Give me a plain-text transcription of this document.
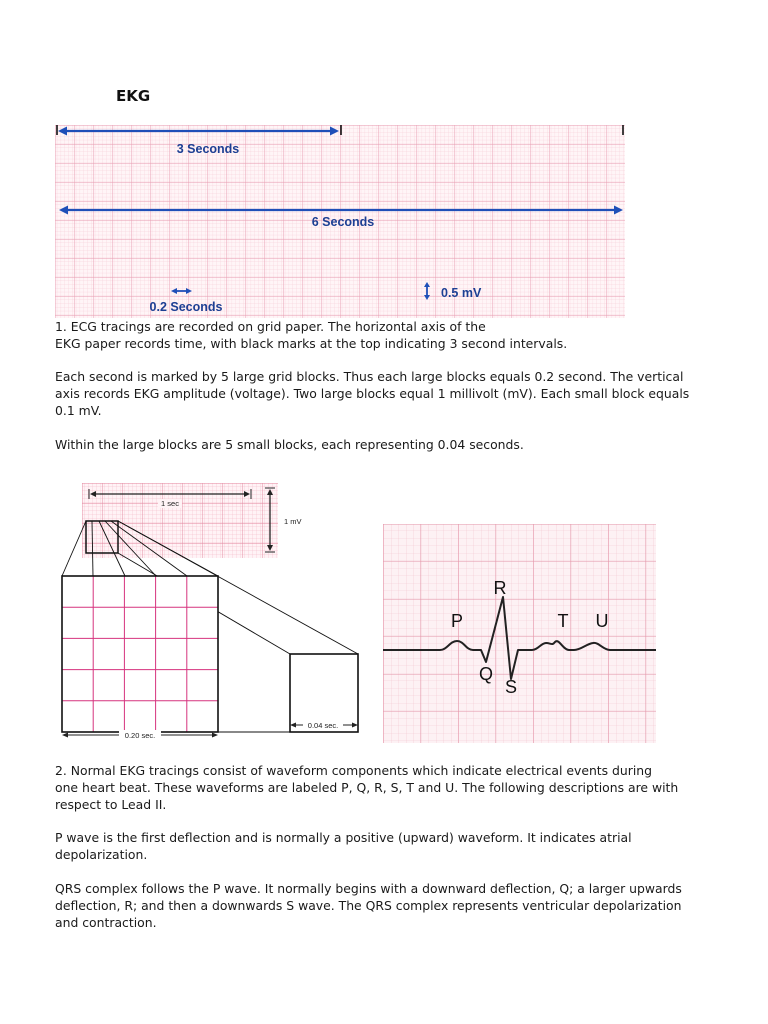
EKG
3 Seconds
6 Seconds
0.2 Seconds
0.5 mV
1. ECG tracings are recorded on grid paper. The horizontal axis of the
EKG paper records time, with black marks at the top indicating 3 second intervals.
Each second is marked by 5 large grid blocks. Thus each large blocks equals 0.2 second. The vertical
axis records EKG amplitude (voltage). Two large blocks equal 1 millivolt (mV). Each small block equals
0.1 mV.
Within the large blocks are 5 small blocks, each representing 0.04 seconds.
1 sec
1 mV
0.20 sec.
0.04 sec.
R
P	T U
Q
S
2. Normal EKG tracings consist of waveform components which indicate electrical events during
one heart beat. These waveforms are labeled P, Q, R, S, T and U. The following descriptions are with
respect to Lead II.
P wave is the first deflection and is normally a positive (upward) waveform. It indicates atrial
depolarization.
QRS complex follows the P wave. It normally begins with a downward deflection, Q; a larger upwards
deflection, R; and then a downwards S wave. The QRS complex represents ventricular depolarization
and contraction.
